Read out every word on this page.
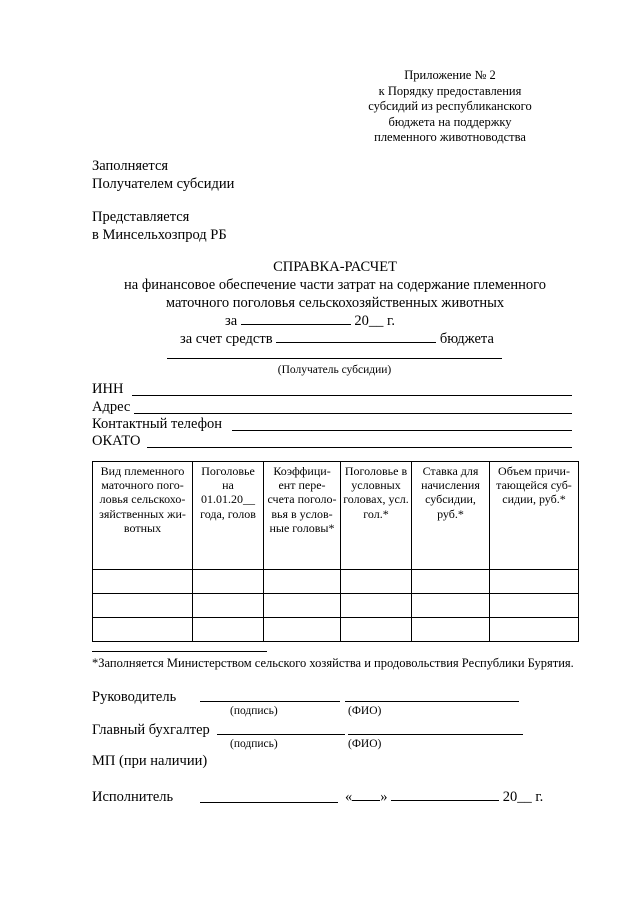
Приложение № 2
к Порядку предоставления
субсидий из республиканского
бюджета на поддержку
племенного животноводства
Заполняется
Получателем субсидии
Представляется
в Минсельхозпрод РБ
СПРАВКА-РАСЧЕТ
на финансовое обеспечение части затрат на содержание племенного
маточного поголовья сельскохозяйственных животных
за	20__ г.
за счет средств	бюджета
(Получатель субсидии)
ИНН
Адрес
Контактный телефон
ОКАТО
Вид племенного маточного пого-ловья сельскохо-зяйственных жи-вотных	Поголовье на 01.01.20__ года, голов	Коэффици-ент пере-счета поголо-вья в услов-ные головы*	Поголовье в условных головах, усл. гол.*	Ставка для начисления субсидии, руб.*	Объем причи-тающейся суб-сидии, руб.*

*Заполняется Министерством сельского хозяйства и продовольствия Республики Бурятия.
Руководитель
(подпись)	(ФИО)
Главный бухгалтер
(подпись)	(ФИО)
МП (при наличии)
Исполнитель	« »	20__ г.
